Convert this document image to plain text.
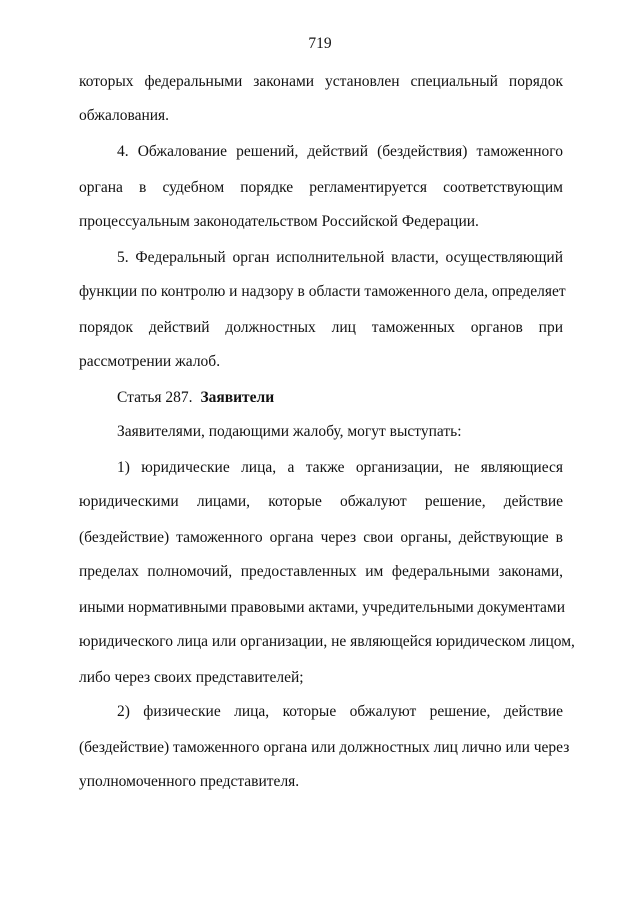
719
которых федеральными законами установлен специальный порядок
обжалования.
4. Обжалование решений, действий (бездействия) таможенного
органа в судебном порядке регламентируется соответствующим
процессуальным законодательством Российской Федерации.
5. Федеральный орган исполнительной власти, осуществляющий
функции по контролю и надзору в области таможенного дела, определяет
порядок действий должностных лиц таможенных органов при
рассмотрении жалоб.
Статья 287. Заявители
Заявителями, подающими жалобу, могут выступать:
1) юридические лица, а также организации, не являющиеся
юридическими лицами, которые обжалуют решение, действие
(бездействие) таможенного органа через свои органы, действующие в
пределах полномочий, предоставленных им федеральными законами,
иными нормативными правовыми актами, учредительными документами
юридического лица или организации, не являющейся юридическом лицом,
либо через своих представителей;
2) физические лица, которые обжалуют решение, действие
(бездействие) таможенного органа или должностных лиц лично или через
уполномоченного представителя.
